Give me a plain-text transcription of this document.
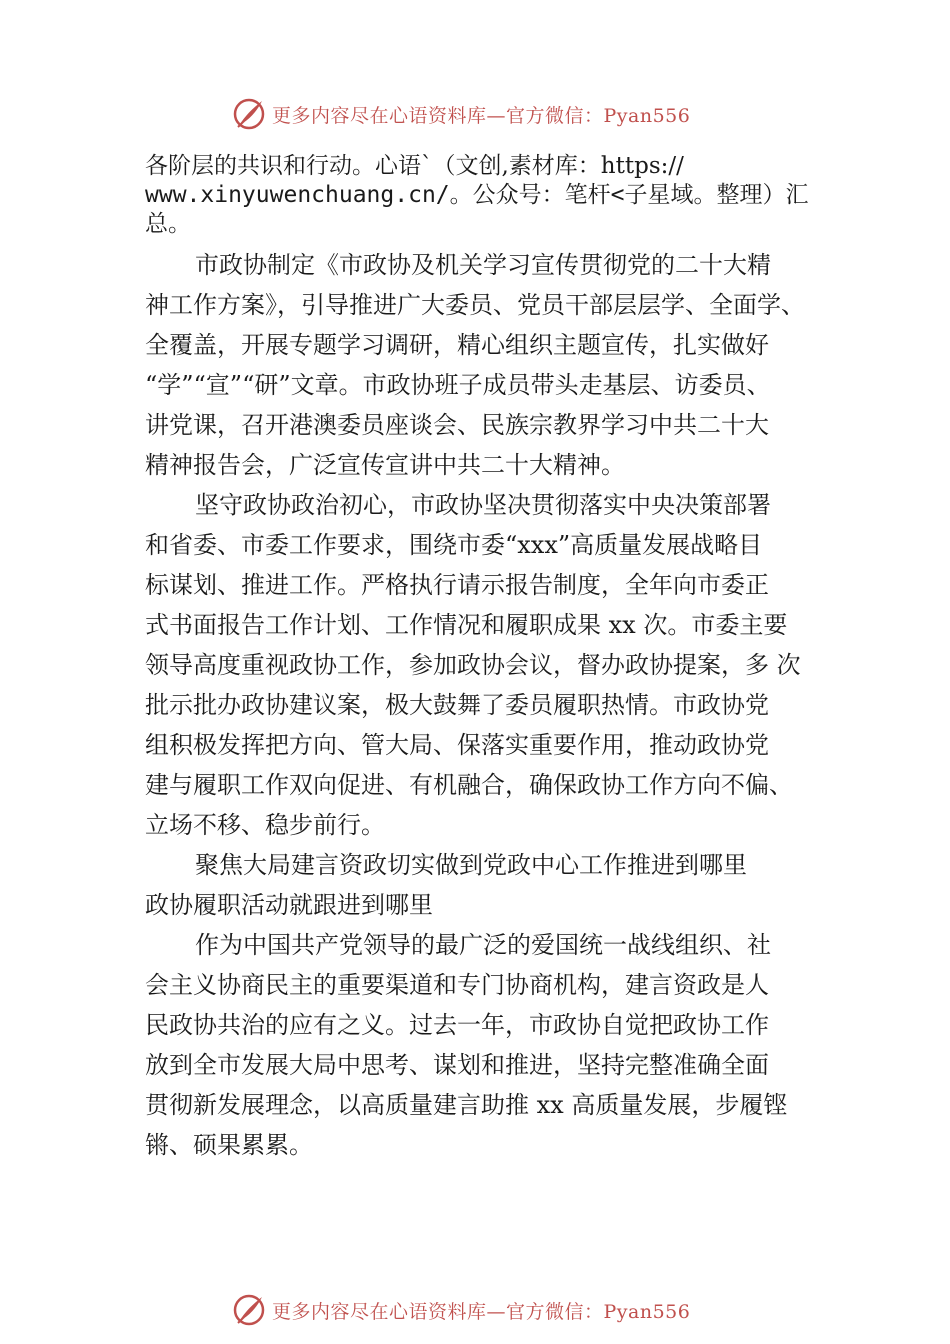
更多内容尽在心语资料库—官方微信：Pyan556
各阶层的共识和行动。心语`（文创,素材库：https://
www.xinyuwenchuang.cn/。公众号：笔杆<子星域。整理）汇
总。
市政协制定《市政协及机关学习宣传贯彻党的二十大精
神工作方案》，引导推进广大委员、党员干部层层学、全面学、
全覆盖，开展专题学习调研，精心组织主题宣传，扎实做好
“学”“宣”“研”文章。市政协班子成员带头走基层、访委员、
讲党课，召开港澳委员座谈会、民族宗教界学习中共二十大
精神报告会，广泛宣传宣讲中共二十大精神。
坚守政协政治初心，市政协坚决贯彻落实中央决策部署
和省委、市委工作要求，围绕市委“xxx”高质量发展战略目
标谋划、推进工作。严格执行请示报告制度，全年向市委正
式书面报告工作计划、工作情况和履职成果 xx 次。市委主要
领导高度重视政协工作，参加政协会议，督办政协提案，多 次
批示批办政协建议案，极大鼓舞了委员履职热情。市政协党
组积极发挥把方向、管大局、保落实重要作用，推动政协党
建与履职工作双向促进、有机融合，确保政协工作方向不偏、
立场不移、稳步前行。
聚焦大局建言资政切实做到党政中心工作推进到哪里
政协履职活动就跟进到哪里
作为中国共产党领导的最广泛的爱国统一战线组织、社
会主义协商民主的重要渠道和专门协商机构，建言资政是人
民政协共治的应有之义。过去一年，市政协自觉把政协工作
放到全市发展大局中思考、谋划和推进，坚持完整准确全面
贯彻新发展理念，以高质量建言助推 xx 高质量发展，步履铿
锵、硕果累累。
更多内容尽在心语资料库—官方微信：Pyan556
